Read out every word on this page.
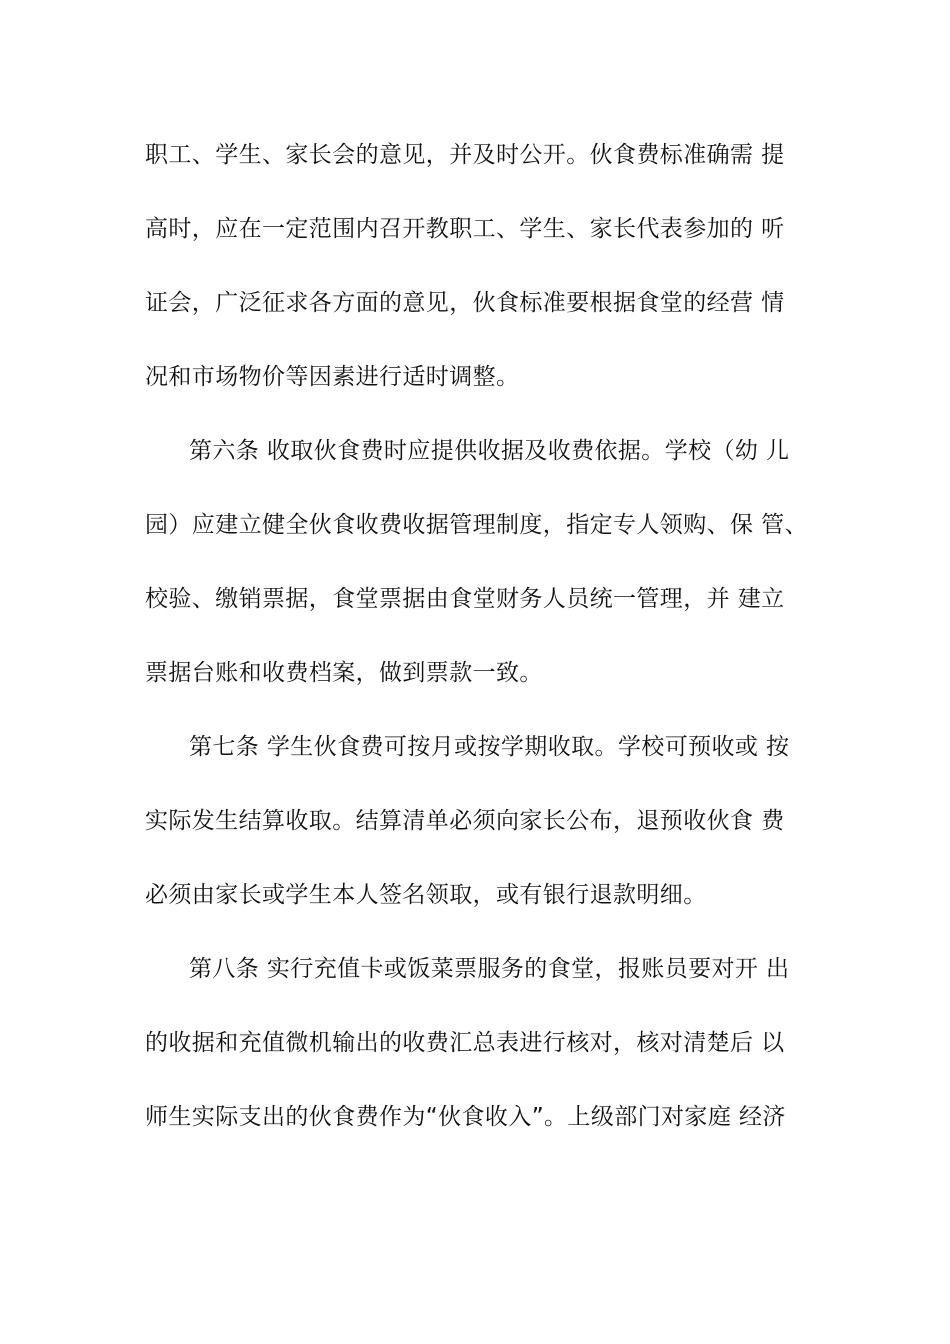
职工、学生、家长会的意见，并及时公开。伙食费标准确需 提
高时，应在一定范围内召开教职工、学生、家长代表参加的 听
证会，广泛征求各方面的意见，伙食标准要根据食堂的经营 情
况和市场物价等因素进行适时调整。
第六条 收取伙食费时应提供收据及收费依据。学校（幼 儿
园）应建立健全伙食收费收据管理制度，指定专人领购、保 管、
校验、缴销票据，食堂票据由食堂财务人员统一管理，并 建立
票据台账和收费档案，做到票款一致。
第七条 学生伙食费可按月或按学期收取。学校可预收或 按
实际发生结算收取。结算清单必须向家长公布，退预收伙食 费
必须由家长或学生本人签名领取，或有银行退款明细。
第八条 实行充值卡或饭菜票服务的食堂，报账员要对开 出
的收据和充值微机输出的收费汇总表进行核对，核对清楚后 以
师生实际支出的伙食费作为“伙食收入”。上级部门对家庭 经济
